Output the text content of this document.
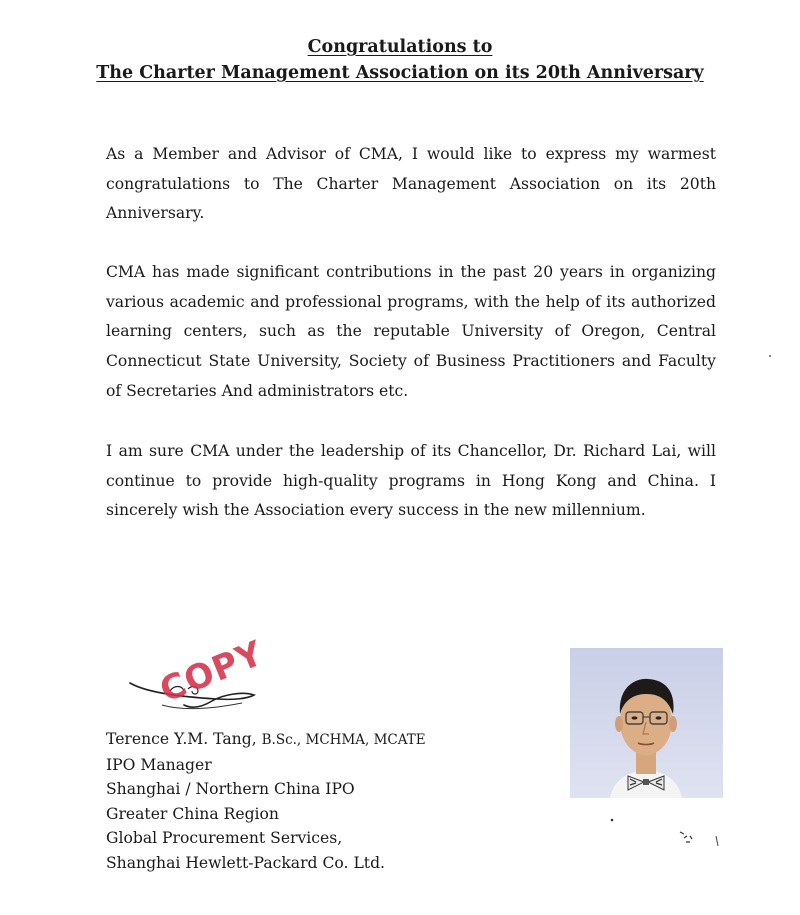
Congratulations to
The Charter Management Association on its 20th Anniversary

As a Member and Advisor of CMA, I would like to express my warmest congratulations to The Charter Management Association on its 20th Anniversary.

CMA has made significant contributions in the past 20 years in organizing various academic and professional programs, with the help of its authorized learning centers, such as the reputable University of Oregon, Central Connecticut State University, Society of Business Practitioners and Faculty of Secretaries And administrators etc.

I am sure CMA under the leadership of its Chancellor, Dr. Richard Lai, will continue to provide high-quality programs in Hong Kong and China. I sincerely wish the Association every success in the new millennium.

COPY
Terence Y.M. Tang, B.Sc., MCHMA, MCATE
IPO Manager
Shanghai / Northern China IPO
Greater China Region
Global Procurement Services,
Shanghai Hewlett-Packard Co. Ltd.
